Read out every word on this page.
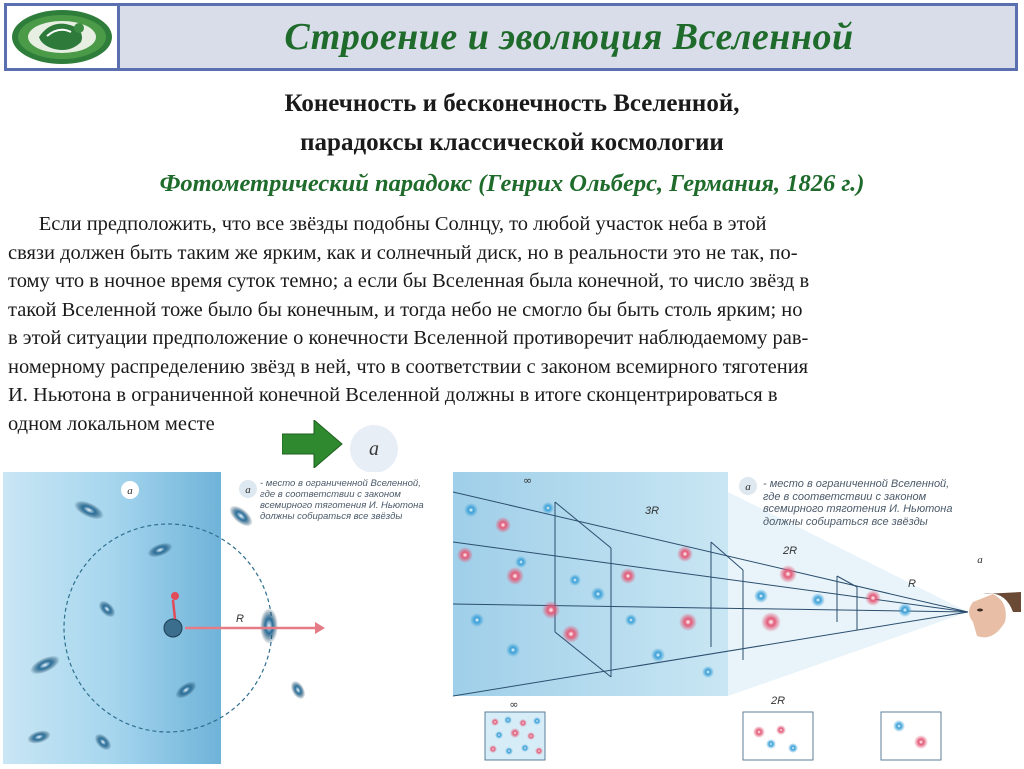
Строение и эволюция Вселенной
Конечность и бесконечность Вселенной,
парадоксы классической космологии
Фотометрический парадокс (Генрих Ольберс, Германия, 1826 г.)
Если предположить, что все звёзды подобны Солнцу, то любой участок неба в этой
связи должен быть таким же ярким, как и солнечный диск, но в реальности это не так, по-
тому что в ночное время суток темно; а если бы Вселенная была конечной, то число звёзд в
такой Вселенной тоже было бы конечным, и тогда небо не смогло бы быть столь ярким; но
в этой ситуации предположение о конечности Вселенной противоречит наблюдаемому рав-
номерному распределению звёзд в ней, что в соответствии с законом всемирного тяготения
И. Ньютона в ограниченной конечной Вселенной должны в итоге сконцентрироваться в
одном локальном месте
а
а
R
а
- место в ограниченной Вселенной,
где в соответствии с законом
всемирного тяготения И. Ньютона
должны собираться все звёзды	3R
2R
R
∞
а
а
∞	2R
- место в ограниченной Вселенной,
где в соответствии с законом
всемирного тяготения И. Ньютона
должны собираться все звёзды
